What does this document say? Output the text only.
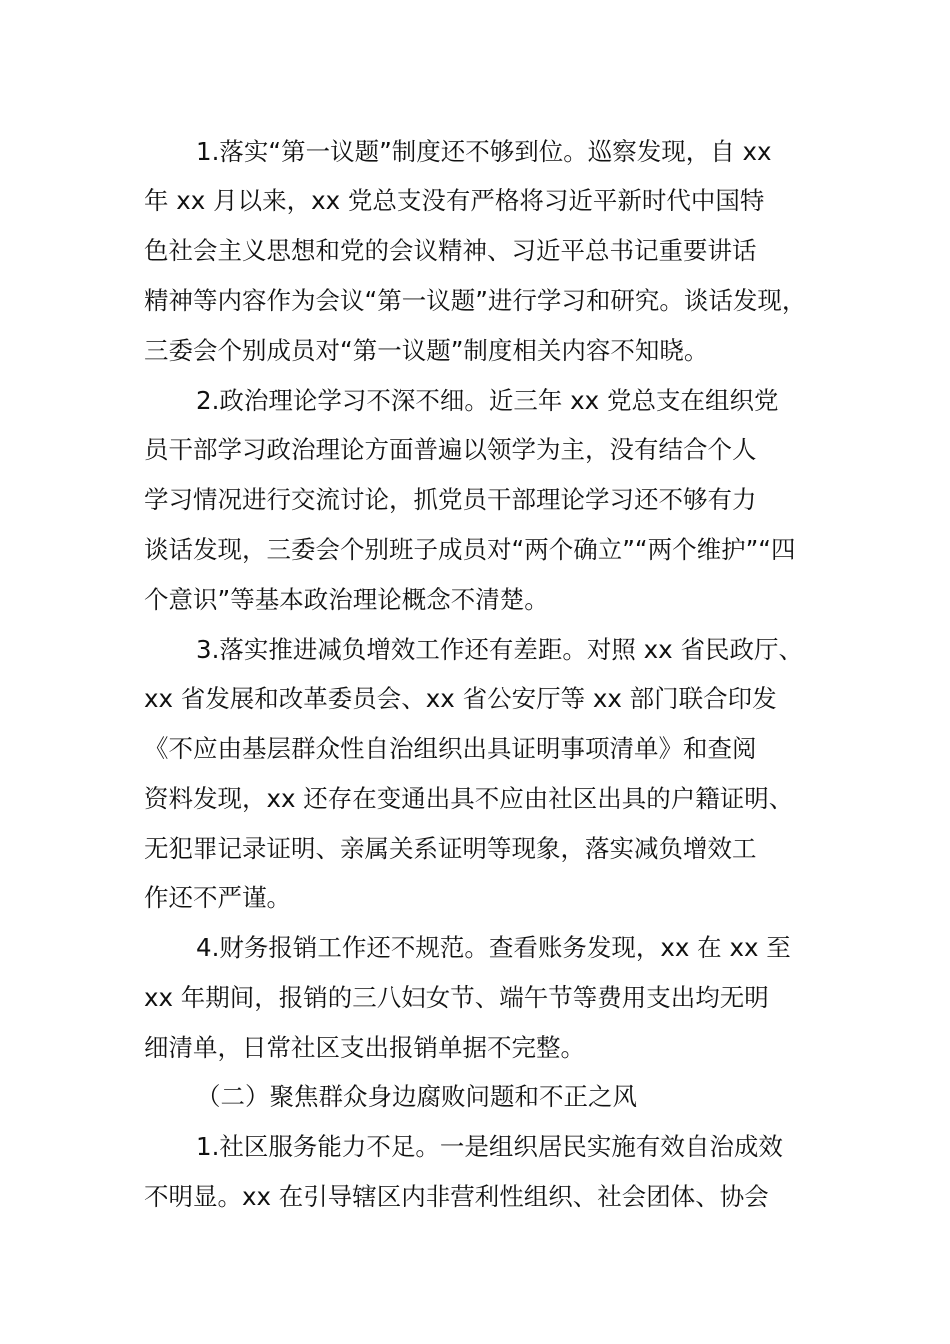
1.落实“第一议题”制度还不够到位。巡察发现，自 xx
年 xx 月以来，xx 党总支没有严格将习近平新时代中国特
色社会主义思想和党的会议精神、习近平总书记重要讲话
精神等内容作为会议“第一议题”进行学习和研究。谈话发现，
三委会个别成员对“第一议题”制度相关内容不知晓。
2.政治理论学习不深不细。近三年 xx 党总支在组织党
员干部学习政治理论方面普遍以领学为主，没有结合个人
学习情况进行交流讨论，抓党员干部理论学习还不够有力
谈话发现，三委会个别班子成员对“两个确立”“两个维护”“四
个意识”等基本政治理论概念不清楚。
3.落实推进减负增效工作还有差距。对照 xx 省民政厅、
xx 省发展和改革委员会、xx 省公安厅等 xx 部门联合印发
《不应由基层群众性自治组织出具证明事项清单》和查阅
资料发现，xx 还存在变通出具不应由社区出具的户籍证明、
无犯罪记录证明、亲属关系证明等现象，落实减负增效工
作还不严谨。
4.财务报销工作还不规范。查看账务发现，xx 在 xx 至
xx 年期间，报销的三八妇女节、端午节等费用支出均无明
细清单，日常社区支出报销单据不完整。
（二）聚焦群众身边腐败问题和不正之风
1.社区服务能力不足。一是组织居民实施有效自治成效
不明显。xx 在引导辖区内非营利性组织、社会团体、协会
